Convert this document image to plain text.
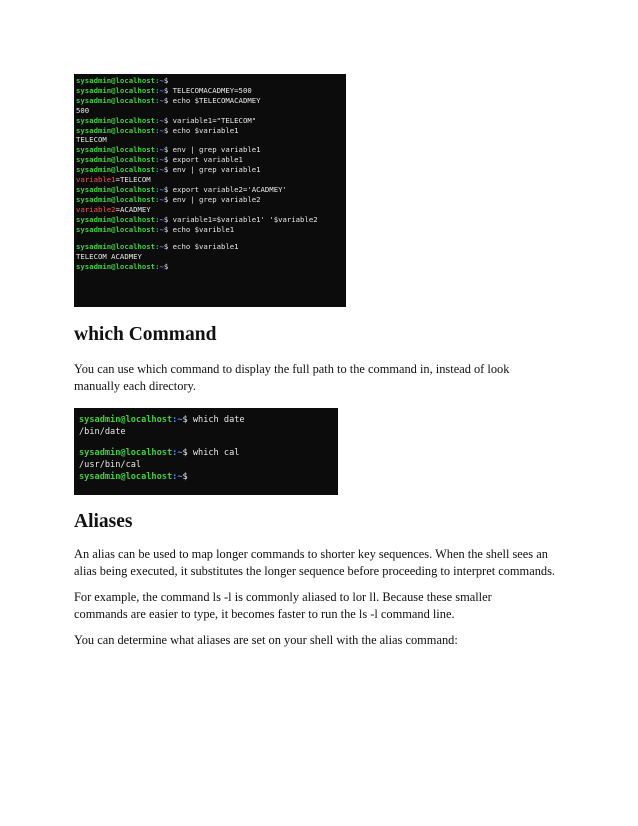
sysadmin@localhost:~$
sysadmin@localhost:~$ TELECOMACADMEY=500
sysadmin@localhost:~$ echo $TELECOMACADMEY
500
sysadmin@localhost:~$ variable1="TELECOM"
sysadmin@localhost:~$ echo $variable1
TELECOM
sysadmin@localhost:~$ env | grep variable1
sysadmin@localhost:~$ export variable1
sysadmin@localhost:~$ env | grep variable1
variable1=TELECOM
sysadmin@localhost:~$ export variable2='ACADMEY'
sysadmin@localhost:~$ env | grep variable2
variable2=ACADMEY
sysadmin@localhost:~$ variable1=$variable1' '$variable2
sysadmin@localhost:~$ echo $varible1
sysadmin@localhost:~$ echo $variable1
TELECOM ACADMEY
sysadmin@localhost:~$
which Command

You can use which command to display the full path to the command in, instead of look manually each directory.

sysadmin@localhost:~$ which date
/bin/date
sysadmin@localhost:~$ which cal
/usr/bin/cal
sysadmin@localhost:~$
Aliases

An alias can be used to map longer commands to shorter key sequences. When the shell sees an alias being executed, it substitutes the longer sequence before proceeding to interpret commands.

For example, the command ls -l is commonly aliased to lor ll. Because these smaller commands are easier to type, it becomes faster to run the ls -l command line.

You can determine what aliases are set on your shell with the alias command:
